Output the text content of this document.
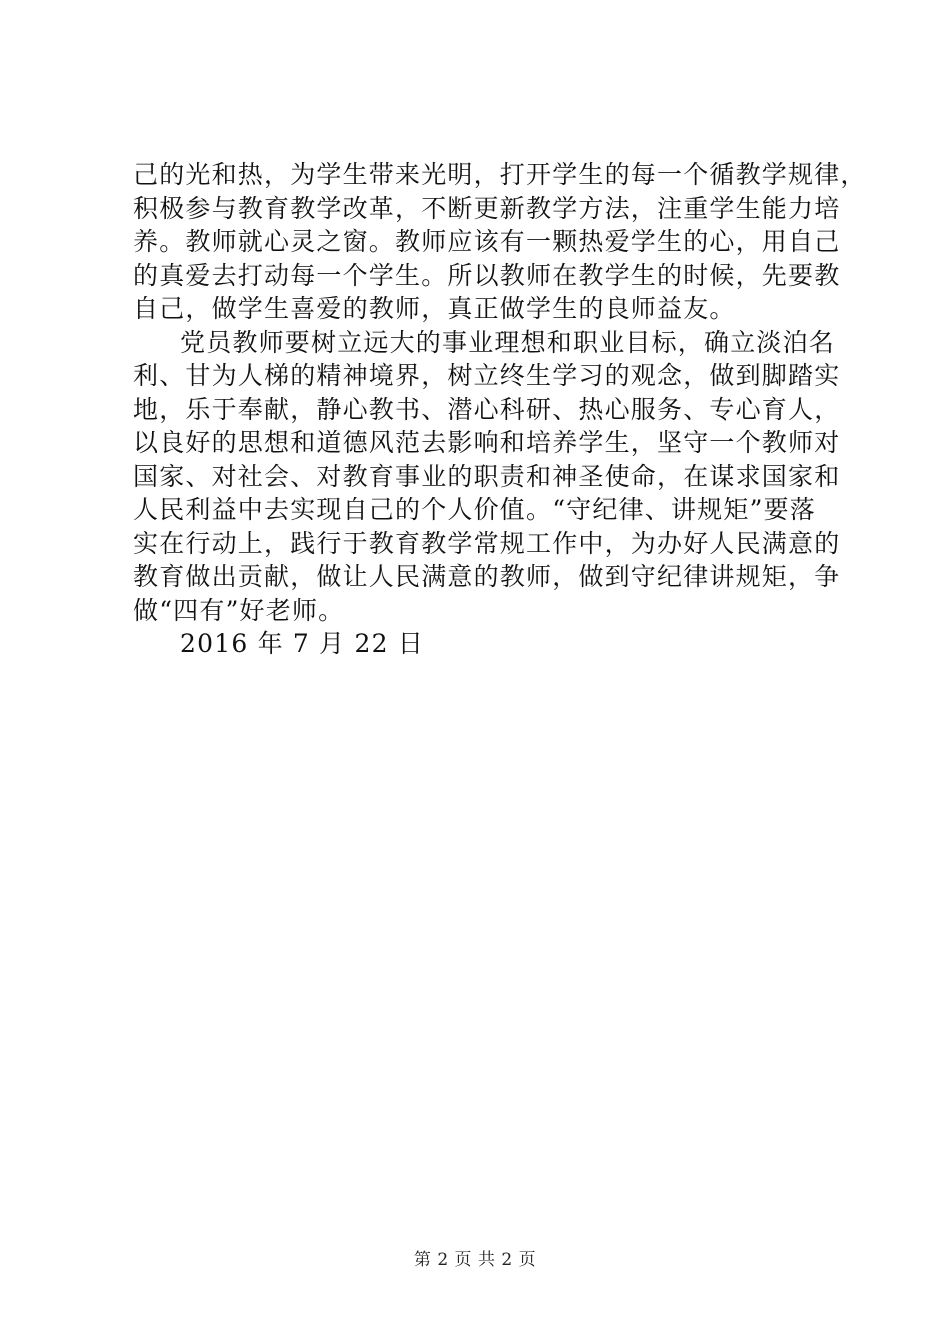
己的光和热，为学生带来光明，打开学生的每一个循教学规律，
积极参与教育教学改革，不断更新教学方法，注重学生能力培
养。教师就心灵之窗。教师应该有一颗热爱学生的心，用自己
的真爱去打动每一个学生。所以教师在教学生的时候，先要教
自己，做学生喜爱的教师，真正做学生的良师益友。
党员教师要树立远大的事业理想和职业目标，确立淡泊名
利、甘为人梯的精神境界，树立终生学习的观念，做到脚踏实
地，乐于奉献，静心教书、潜心科研、热心服务、专心育人，
以良好的思想和道德风范去影响和培养学生，坚守一个教师对
国家、对社会、对教育事业的职责和神圣使命，在谋求国家和
人民利益中去实现自己的个人价值。“守纪律、讲规矩”要落
实在行动上，践行于教育教学常规工作中，为办好人民满意的
教育做出贡献，做让人民满意的教师，做到守纪律讲规矩，争
做“四有”好老师。
2016 年 7 月 22 日
第 2 页 共 2 页
